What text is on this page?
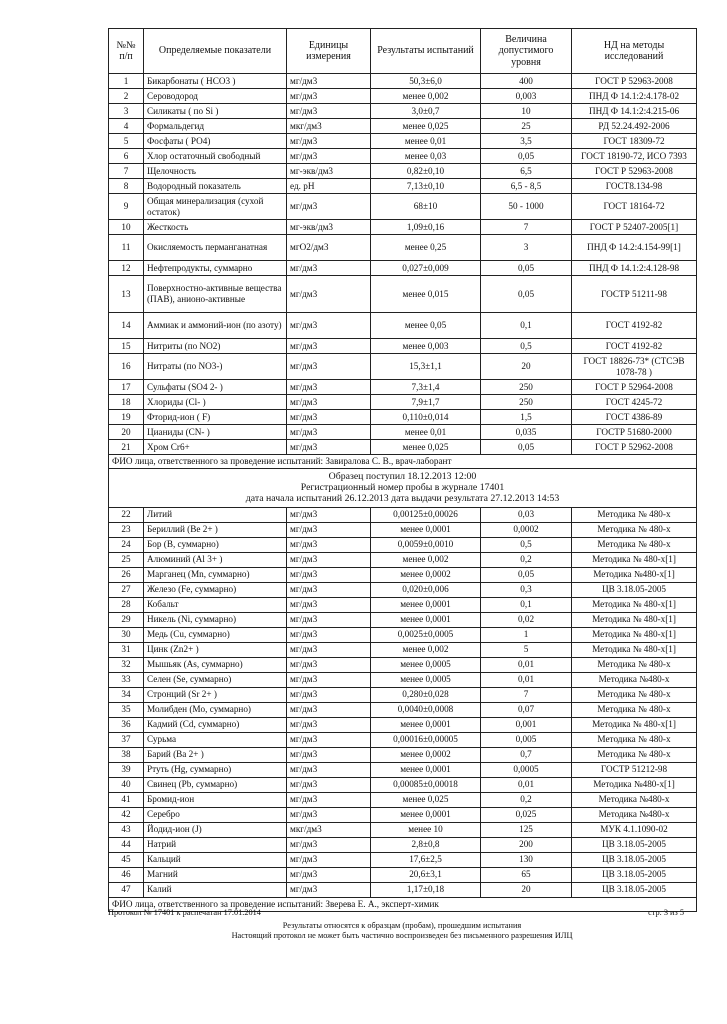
№№ п/п	Определяемые показатели	Единицы измерения	Результаты испытаний	Величина допустимого уровня	НД на методы исследований
1	Бикарбонаты ( НСО3 )	мг/дм3	50,3±6,0	400	ГОСТ Р 52963-2008
2	Сероводород	мг/дм3	менее 0,002	0,003	ПНД Ф 14.1:2:4.178-02
3	Силикаты ( по Si )	мг/дм3	3,0±0,7	10	ПНД Ф 14.1:2:4.215-06
4	Формальдегид	мкг/дм3	менее 0,025	25	РД 52.24.492-2006
5	Фосфаты ( РО4)	мг/дм3	менее 0,01	3,5	ГОСТ 18309-72
6	Хлор остаточный свободный	мг/дм3	менее 0,03	0,05	ГОСТ 18190-72, ИСО 7393
7	Щелочность	мг-экв/дм3	0,82±0,10	6,5	ГОСТ Р 52963-2008
8	Водородный показатель	ед. рН	7,13±0,10	6,5 - 8,5	ГОСТ8.134-98
9	Общая минерализация (сухой остаток)	мг/дм3	68±10	50 - 1000	ГОСТ 18164-72
10	Жесткость	мг-экв/дм3	1,09±0,16	7	ГОСТ Р 52407-2005[1]
11	Окисляемость перманганатная	мгО2/дм3	менее 0,25	3	ПНД Ф 14.2:4.154-99[1]
12	Нефтепродукты, суммарно	мг/дм3	0,027±0,009	0,05	ПНД Ф 14.1:2:4.128-98
13	Поверхностно-активные вещества (ПАВ), анионо-активные	мг/дм3	менее 0,015	0,05	ГОСТР 51211-98
14	Аммиак и аммоний-ион (по азоту)	мг/дм3	менее 0,05	0,1	ГОСТ 4192-82
15	Нитриты (по NO2)	мг/дм3	менее 0,003	0,5	ГОСТ 4192-82
16	Нитраты (по NO3-)	мг/дм3	15,3±1,1	20	ГОСТ 18826-73* (СТСЭВ 1078-78 )
17	Сульфаты (SO4 2- )	мг/дм3	7,3±1,4	250	ГОСТ Р 52964-2008
18	Хлориды (Cl- )	мг/дм3	7,9±1,7	250	ГОСТ 4245-72
19	Фторид-ион ( F)	мг/дм3	0,110±0,014	1,5	ГОСТ 4386-89
20	Цианиды (CN- )	мг/дм3	менее 0,01	0,035	ГОСТР 51680-2000
21	Хром Cr6+	мг/дм3	менее 0,025	0,05	ГОСТ Р 52962-2008
ФИО лица, ответственного за проведение испытаний: Завиралова С. В., врач-лаборант					

Образец поступил 18.12.2013 12:00
Регистрационный номер пробы в журнале 17401
дата начала испытаний 26.12.2013 дата выдачи результата 27.12.2013 14:53					

22	Литий	мг/дм3	0,00125±0,00026	0,03	Методика № 480-х
23	Бериллий (Be 2+ )	мг/дм3	менее 0,0001	0,0002	Методика № 480-х
24	Бор (B, суммарно)	мг/дм3	0,0059±0,0010	0,5	Методика № 480-х
25	Алюминий (Al 3+ )	мг/дм3	менее 0,002	0,2	Методика № 480-х[1]
26	Марганец (Mn, суммарно)	мг/дм3	менее 0,0002	0,05	Методика №480-х[1]
27	Железо (Fe, суммарно)	мг/дм3	0,020±0,006	0,3	ЦВ 3.18.05-2005
28	Кобальт	мг/дм3	менее 0,0001	0,1	Методика № 480-х[1]
29	Никель (Ni, суммарно)	мг/дм3	менее 0,0001	0,02	Методика № 480-х[1]
30	Медь (Cu, суммарно)	мг/дм3	0,0025±0,0005	1	Методика № 480-х[1]
31	Цинк (Zn2+ )	мг/дм3	менее 0,002	5	Методика № 480-х[1]
32	Мышьяк (As, суммарно)	мг/дм3	менее 0,0005	0,01	Методика № 480-х
33	Селен (Se, суммарно)	мг/дм3	менее 0,0005	0,01	Методика №480-х
34	Стронций (Sr 2+ )	мг/дм3	0,280±0,028	7	Методика № 480-х
35	Молибден (Mo, суммарно)	мг/дм3	0,0040±0,0008	0,07	Методика № 480-х
36	Кадмий (Cd, суммарно)	мг/дм3	менее 0,0001	0,001	Методика № 480-х[1]
37	Сурьма	мг/дм3	0,00016±0,00005	0,005	Методика № 480-х
38	Барий (Ва 2+ )	мг/дм3	менее 0,0002	0,7	Методика № 480-х
39	Ртуть (Hg, суммарно)	мг/дм3	менее 0,0001	0,0005	ГОСТР 51212-98
40	Свинец (Pb, суммарно)	мг/дм3	0,00085±0,00018	0,01	Методика №480-х[1]
41	Бромид-ион	мг/дм3	менее 0,025	0,2	Методика №480-х
42	Серебро	мг/дм3	менее 0,0001	0,025	Методика №480-х
43	Йодид-ион (J)	мкг/дм3	менее 10	125	МУК 4.1.1090-02
44	Натрий	мг/дм3	2,8±0,8	200	ЦВ 3.18.05-2005
45	Кальций	мг/дм3	17,6±2,5	130	ЦВ 3.18.05-2005
46	Магний	мг/дм3	20,6±3,1	65	ЦВ 3.18.05-2005
47	Калий	мг/дм3	1,17±0,18	20	ЦВ 3.18.05-2005
ФИО лица, ответственного за проведение испытаний: Зверева Е. А., эксперт-химик					
Протокол № 17401 к распечатан 17.01.2014	стр. 3 из 5
Результаты относятся к образцам (пробам), прошедшим испытания
Настоящий протокол не может быть частично воспроизведен без письменного разрешения ИЛЦ
